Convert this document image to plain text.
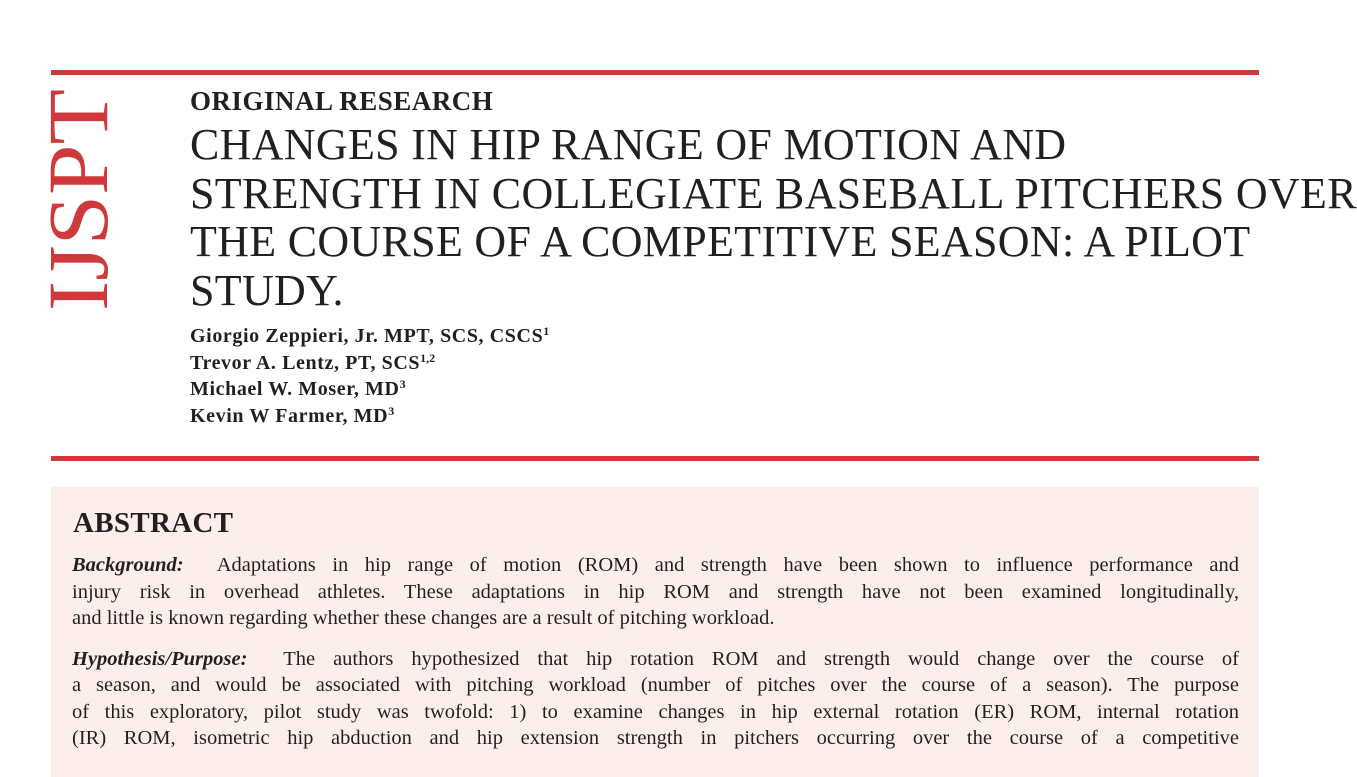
IJSPT ORIGINAL RESEARCH
CHANGES IN HIP RANGE OF MOTION AND
STRENGTH IN COLLEGIATE BASEBALL PITCHERS OVER
THE COURSE OF A COMPETITIVE SEASON: A PILOT
STUDY.
Giorgio Zeppieri, Jr. MPT, SCS, CSCS$^1$
Trevor A. Lentz, PT, SCS$^{1,2}$
Michael W. Moser, $MD^3$
Kevin W Farmer, $MD^3$
ABSTRACT
Background: Adaptations in hip range of motion (ROM) and strength have been shown to influence performance and
injury risk in overhead athletes. These adaptations in hip ROM and strength have not been examined longitudinally,
and little is known regarding whether these changes are a result of pitching workload.
Hypothesis/Purpose: The authors hypothesized that hip rotation ROM and strength would change over the course of
a season, and would be associated with pitching workload (number of pitches over the course of a season). The purpose
of this exploratory, pilot study was twofold: 1) to examine changes in hip external rotation (ER) ROM, internal rotation
(IR) ROM, isometric hip abduction and hip extension strength in pitchers occurring over the course of a competitive
